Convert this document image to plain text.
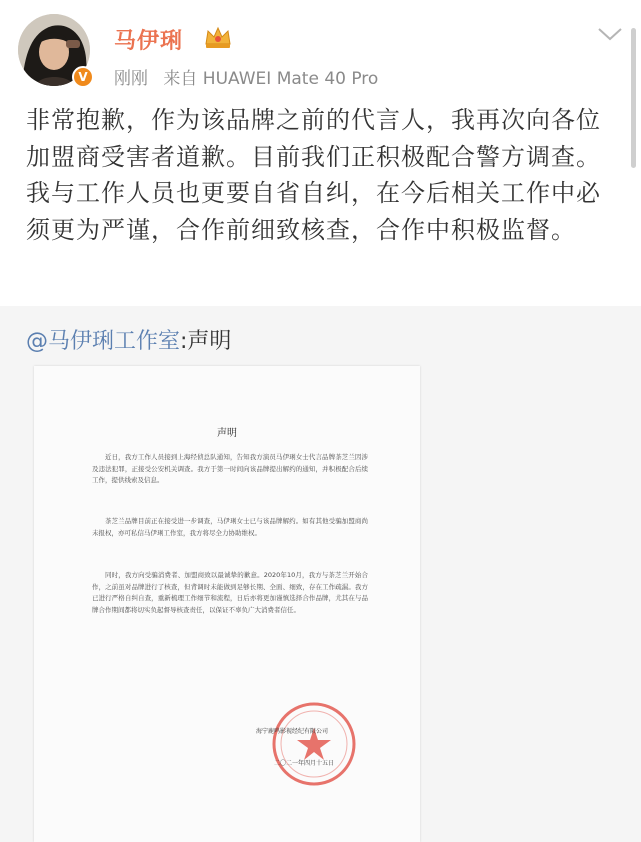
V
马伊琍
刚刚 来自 HUAWEI Mate 40 Pro
非常抱歉，作为该品牌之前的代言人，我再次向各位加盟商受害者道歉。目前我们正积极配合警方调查。我与工作人员也更要自省自纠，在今后相关工作中必须更为严谨，合作前细致核查，合作中积极监督。
@马伊琍工作室:声明
声明
近日，我方工作人员接到上海经侦总队通知，告知我方演员马伊琍女士代言品牌茶芝兰因涉及违法犯罪，正接受公安机关调查。我方于第一时间向该品牌提出解约的通知，并积极配合后续工作，提供线索及信息。
茶芝兰品牌目前正在接受进一步调查，马伊琍女士已与该品牌解约。如有其他受骗加盟商尚未报权，亦可私信马伊琍工作室，我方将尽全力协助维权。
同时，我方向受骗消费者、加盟商致以最诚挚的歉意。2020年10月，我方与茶芝兰开始合作，之前虽对品牌进行了核查，但背调时未能做到足够长期、全面、细致，存在工作疏漏。我方已进行严格自纠自查，重新梳理工作细节和流程，日后亦将更加谨慎选择合作品牌，尤其在与品牌合作期间都将切实负起督导核查责任，以保证不辜负广大消费者信任。
海宁鹿鸣影视经纪有限公司
二〇二一年四月十五日
